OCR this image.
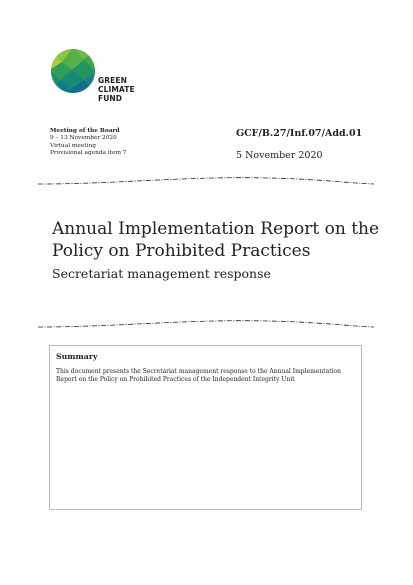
GREEN
CLIMATE
FUND
Meeting of the Board
9 – 13 November 2020
Virtual meeting
Provisional agenda item 7
GCF/B.27/Inf.07/Add.01
5 November 2020
Annual Implementation Report on the Policy on Prohibited Practices
Secretariat management response
Summary
This document presents the Secretariat management response to the Annual Implementation Report on the Policy on Prohibited Practices of the Independent Integrity Unit
